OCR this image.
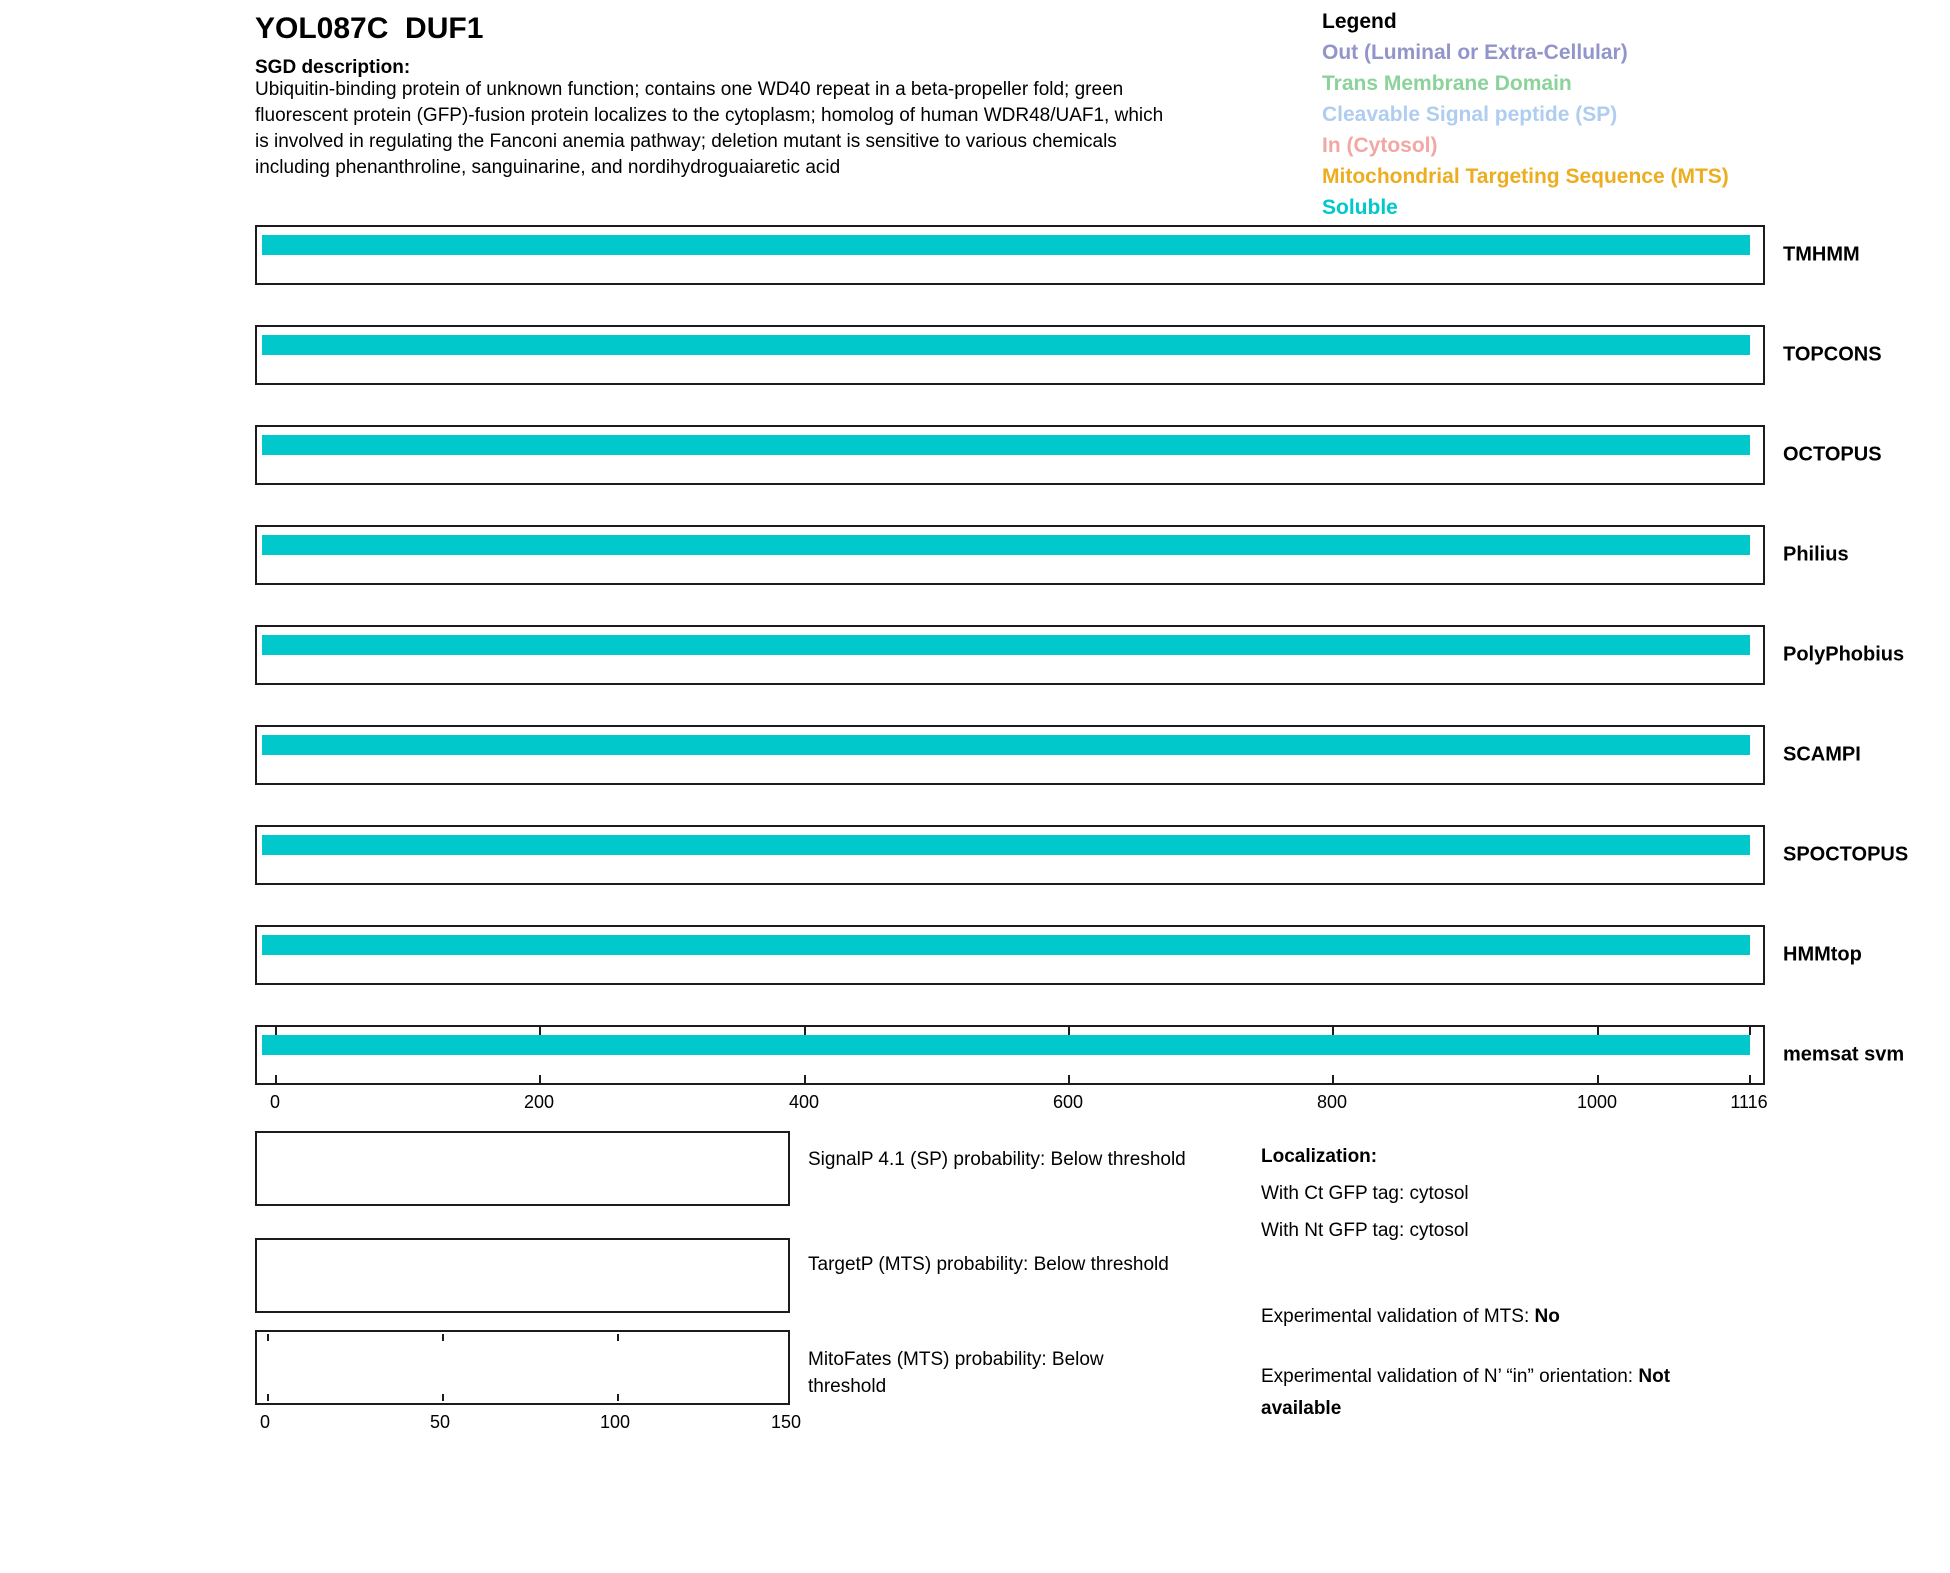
YOL087C  DUF1
SGD description:
Ubiquitin-binding protein of unknown function; contains one WD40 repeat in a beta-propeller fold; green
fluorescent protein (GFP)-fusion protein localizes to the cytoplasm; homolog of human WDR48/UAF1, which
is involved in regulating the Fanconi anemia pathway; deletion mutant is sensitive to various chemicals
including phenanthroline, sanguinarine, and nordihydroguaiaretic acid
Legend
Out (Luminal or Extra-Cellular)
Trans Membrane Domain
Cleavable Signal peptide (SP)
In (Cytosol)
Mitochondrial Targeting Sequence (MTS)
Soluble
TMHMM
TOPCONS
OCTOPUS
Philius
PolyPhobius
SCAMPI
SPOCTOPUS
HMMtop
memsat svm
0	200	400	600	800	1000	1116
0	50	100	150
SignalP 4.1 (SP) probability: Below threshold
TargetP (MTS) probability: Below threshold
MitoFates (MTS) probability: Below
threshold
Localization:
With Ct GFP tag: cytosol
With Nt GFP tag: cytosol
Experimental validation of MTS: No
Experimental validation of N’ “in” orientation: Not
available
